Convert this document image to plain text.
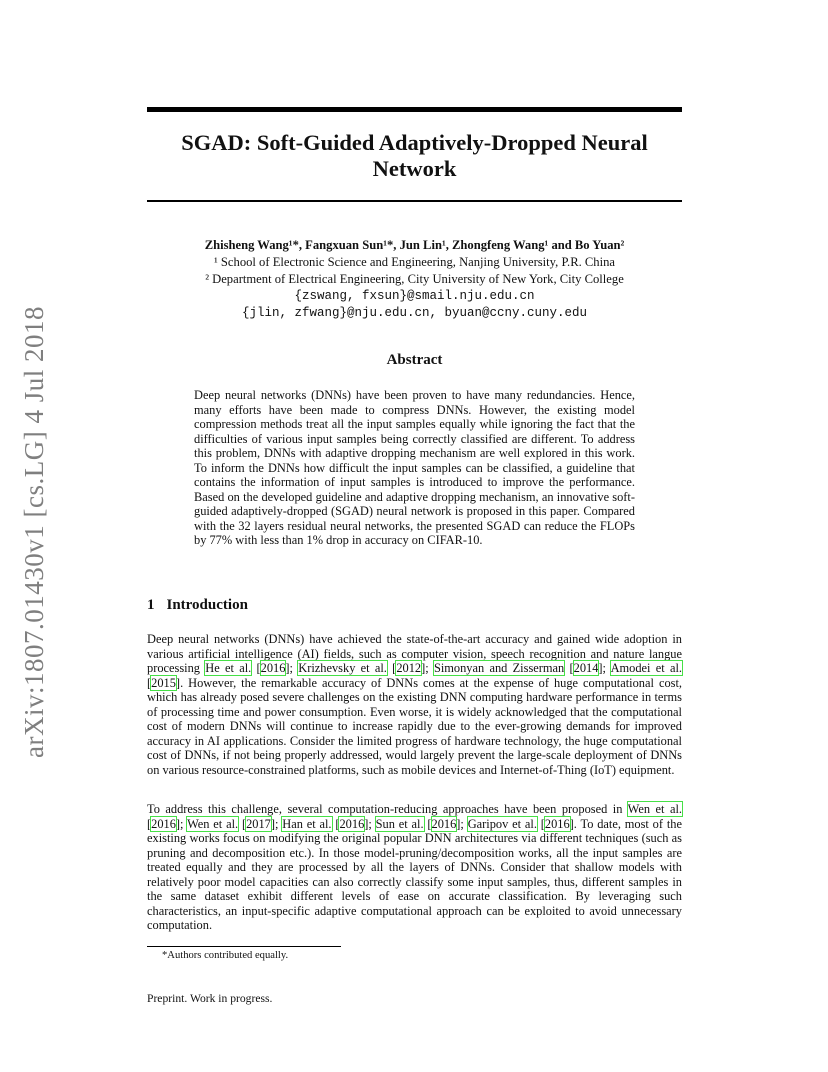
arXiv:1807.01430v1 [cs.LG] 4 Jul 2018
SGAD: Soft-Guided Adaptively-Dropped Neural
Network
Zhisheng Wang¹*, Fangxuan Sun¹*, Jun Lin¹, Zhongfeng Wang¹ and Bo Yuan²
¹ School of Electronic Science and Engineering, Nanjing University, P.R. China
² Department of Electrical Engineering, City University of New York, City College
{zswang, fxsun}@smail.nju.edu.cn
{jlin, zfwang}@nju.edu.cn, byuan@ccny.cuny.edu
Abstract
Deep neural networks (DNNs) have been proven to have many redundancies. Hence, many efforts have been made to compress DNNs. However, the existing model compression methods treat all the input samples equally while ignoring the fact that the difficulties of various input samples being correctly classified are different. To address this problem, DNNs with adaptive dropping mechanism are well explored in this work. To inform the DNNs how difficult the input samples can be classified, a guideline that contains the information of input samples is introduced to improve the performance. Based on the developed guideline and adaptive dropping mechanism, an innovative soft-guided adaptively-dropped (SGAD) neural network is proposed in this paper. Compared with the 32 layers residual neural networks, the presented SGAD can reduce the FLOPs by 77% with less than 1% drop in accuracy on CIFAR-10.
1 Introduction
Deep neural networks (DNNs) have achieved the state-of-the-art accuracy and gained wide adoption in various artificial intelligence (AI) fields, such as computer vision, speech recognition and nature langue processing He et al. [2016]; Krizhevsky et al. [2012]; Simonyan and Zisserman [2014]; Amodei et al. [2015]. However, the remarkable accuracy of DNNs comes at the expense of huge computational cost, which has already posed severe challenges on the existing DNN computing hardware performance in terms of processing time and power consumption. Even worse, it is widely acknowledged that the computational cost of modern DNNs will continue to increase rapidly due to the ever-growing demands for improved accuracy in AI applications. Consider the limited progress of hardware technology, the huge computational cost of DNNs, if not being properly addressed, would largely prevent the large-scale deployment of DNNs on various resource-constrained platforms, such as mobile devices and Internet-of-Thing (IoT) equipment.
To address this challenge, several computation-reducing approaches have been proposed in Wen et al. [2016]; Wen et al. [2017]; Han et al. [2016]; Sun et al. [2016]; Garipov et al. [2016]. To date, most of the existing works focus on modifying the original popular DNN architectures via different techniques (such as pruning and decomposition etc.). In those model-pruning/decomposition works, all the input samples are treated equally and they are processed by all the layers of DNNs. Consider that shallow models with relatively poor model capacities can also correctly classify some input samples, thus, different samples in the same dataset exhibit different levels of ease on accurate classification. By leveraging such characteristics, an input-specific adaptive computational approach can be exploited to avoid unnecessary computation.
*Authors contributed equally.
Preprint. Work in progress.
